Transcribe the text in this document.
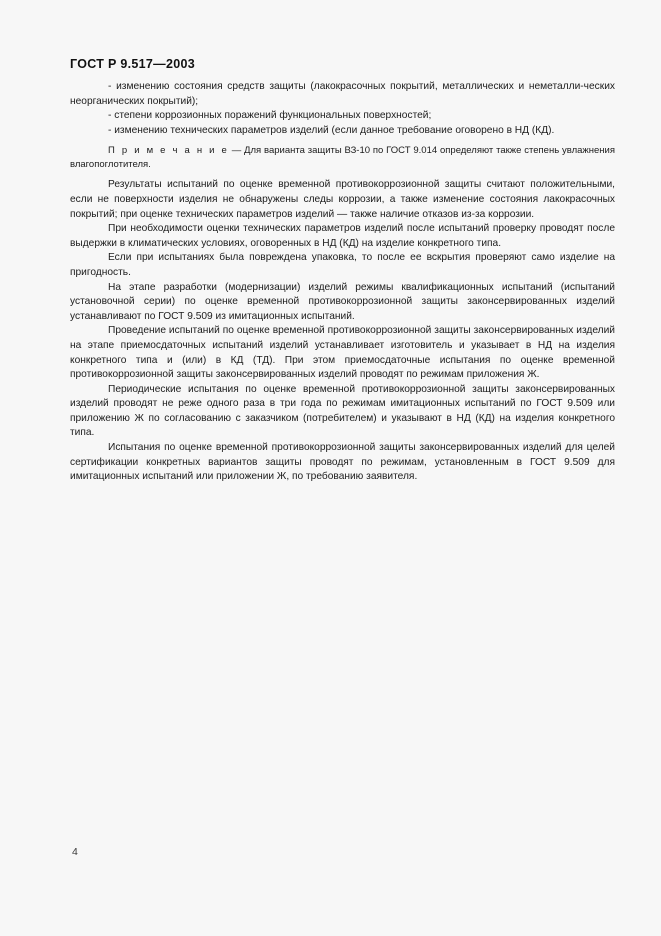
ГОСТ Р 9.517—2003

- изменению состояния средств защиты (лакокрасочных покрытий, металлических и неметалли-ческих неорганических покрытий);

- степени коррозионных поражений функциональных поверхностей;

- изменению технических параметров изделий (если данное требование оговорено в НД (КД).

П р и м е ч а н и е — Для варианта защиты ВЗ-10 по ГОСТ 9.014 определяют также степень увлажнения влагопоглотителя.

Результаты испытаний по оценке временной противокоррозионной защиты считают положительными, если не поверхности изделия не обнаружены следы коррозии, а также изменение состояния лакокрасочных покрытий; при оценке технических параметров изделий — также наличие отказов из-за коррозии.

При необходимости оценки технических параметров изделий после испытаний проверку проводят после выдержки в климатических условиях, оговоренных в НД (КД) на изделие конкретного типа.

Если при испытаниях была повреждена упаковка, то после ее вскрытия проверяют само изделие на пригодность.

На этапе разработки (модернизации) изделий режимы квалификационных испытаний (испытаний установочной серии) по оценке временной противокоррозионной защиты законсервированных изделий устанавливают по ГОСТ 9.509 из имитационных испытаний.

Проведение испытаний по оценке временной противокоррозионной защиты законсервированных изделий на этапе приемосдаточных испытаний изделий устанавливает изготовитель и указывает в НД на изделия конкретного типа и (или) в КД (ТД). При этом приемосдаточные испытания по оценке временной противокоррозионной защиты законсервированных изделий проводят по режимам приложения Ж.

Периодические испытания по оценке временной противокоррозионной защиты законсервированных изделий проводят не реже одного раза в три года по режимам имитационных испытаний по ГОСТ 9.509 или приложению Ж по согласованию с заказчиком (потребителем) и указывают в НД (КД) на изделия конкретного типа.

Испытания по оценке временной противокоррозионной защиты законсервированных изделий для целей сертификации конкретных вариантов защиты проводят по режимам, установленным в ГОСТ 9.509 для имитационных испытаний или приложении Ж, по требованию заявителя.

4
